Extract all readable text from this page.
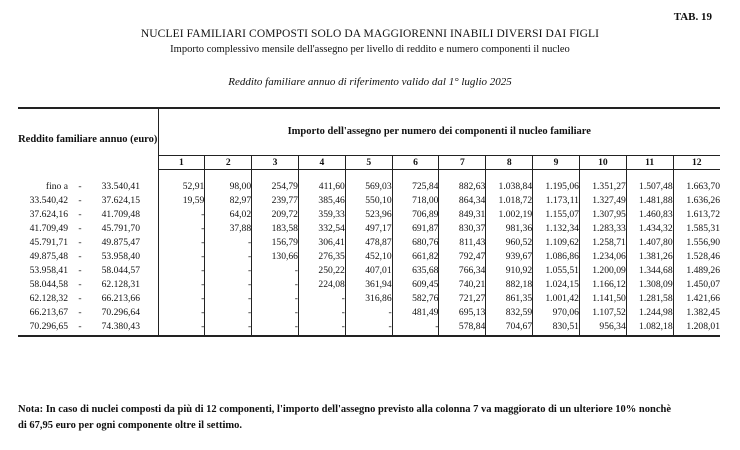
TAB. 19
NUCLEI FAMILIARI COMPOSTI SOLO DA MAGGIORENNI INABILI DIVERSI DAI FIGLI
Importo complessivo mensile dell'assegno per livello di reddito e numero componenti il nucleo
Reddito familiare annuo di riferimento valido dal 1° luglio 2025
Reddito familiare annuo (euro)	Importo dell'assegno per numero dei componenti il nucleo familiare											
	1	2	3	4	5	6	7	8	9	10	11	12

fino a - 33.540,41	52,91	98,00	254,79	411,60	569,03	725,84	882,63	1.038,84	1.195,06	1.351,27	1.507,48	1.663,70

33.540,42 - 37.624,15	19,59	82,97	239,77	385,46	550,10	718,00	864,34	1.018,72	1.173,11	1.327,49	1.481,88	1.636,26

37.624,16 - 41.709,48	-	64,02	209,72	359,33	523,96	706,89	849,31	1.002,19	1.155,07	1.307,95	1.460,83	1.613,72

41.709,49 - 45.791,70	-	37,88	183,58	332,54	497,17	691,87	830,37	981,36	1.132,34	1.283,33	1.434,32	1.585,31

45.791,71 - 49.875,47	-	-	156,79	306,41	478,87	680,76	811,43	960,52	1.109,62	1.258,71	1.407,80	1.556,90

49.875,48 - 53.958,40	-	-	130,66	276,35	452,10	661,82	792,47	939,67	1.086,86	1.234,06	1.381,26	1.528,46

53.958,41 - 58.044,57	-	-	-	250,22	407,01	635,68	766,34	910,92	1.055,51	1.200,09	1.344,68	1.489,26

58.044,58 - 62.128,31	-	-	-	224,08	361,94	609,45	740,21	882,18	1.024,15	1.166,12	1.308,09	1.450,07

62.128,32 - 66.213,66	-	-	-	-	316,86	582,76	721,27	861,35	1.001,42	1.141,50	1.281,58	1.421,66

66.213,67 - 70.296,64	-	-	-	-	-	481,49	695,13	832,59	970,06	1.107,52	1.244,98	1.382,45

70.296,65 - 74.380,43	-	-	-	-	-	-	578,84	704,67	830,51	956,34	1.082,18	1.208,01
Nota: In caso di nuclei composti da più di 12 componenti, l'importo dell'assegno previsto alla colonna 7 va maggiorato di un ulteriore 10% nonchè
di 67,95 euro per ogni componente oltre il settimo.
